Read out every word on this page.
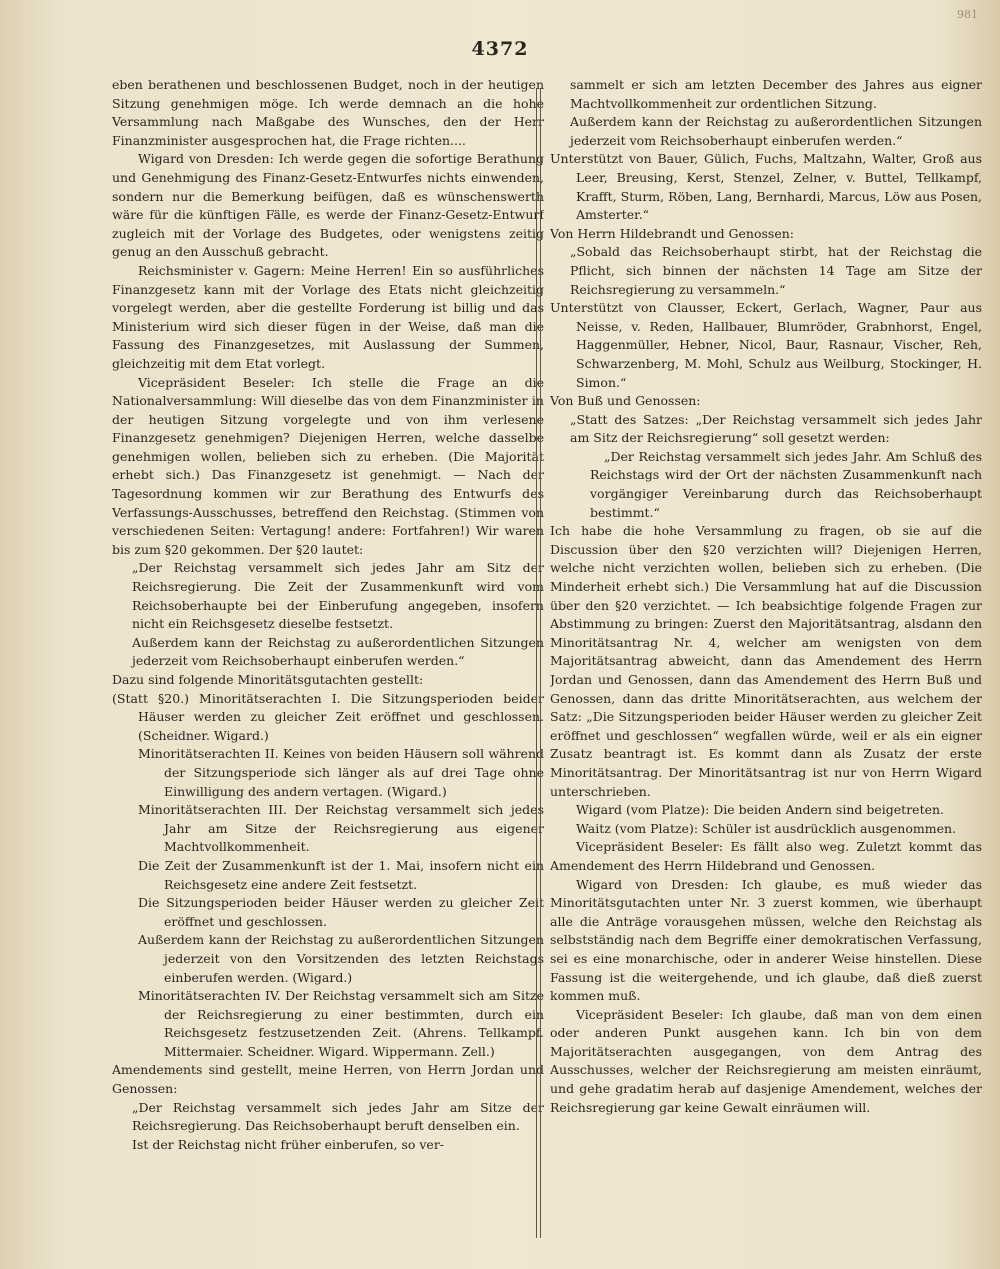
981
4372

eben berathenen und beschlossenen Budget, noch in der heutigen Sitzung genehmigen möge. Ich werde demnach an die hohe Versammlung nach Maßgabe des Wunsches, den der Herr Finanzminister ausgesprochen hat, die Frage richten....

Wigard von Dresden: Ich werde gegen die sofortige Berathung und Genehmigung des Finanz-Gesetz-Entwurfes nichts einwenden, sondern nur die Bemerkung beifügen, daß es wünschenswerth wäre für die künftigen Fälle, es werde der Finanz-Gesetz-Entwurf zugleich mit der Vorlage des Budgetes, oder wenigstens zeitig genug an den Ausschuß gebracht.

Reichsminister v. Gagern: Meine Herren! Ein so ausführliches Finanzgesetz kann mit der Vorlage des Etats nicht gleichzeitig vorgelegt werden, aber die gestellte Forderung ist billig und das Ministerium wird sich dieser fügen in der Weise, daß man die Fassung des Finanzgesetzes, mit Auslassung der Summen, gleichzeitig mit dem Etat vorlegt.

Vicepräsident Beseler: Ich stelle die Frage an die Nationalversammlung: Will dieselbe das von dem Finanzminister in der heutigen Sitzung vorgelegte und von ihm verlesene Finanzgesetz genehmigen? Diejenigen Herren, welche dasselbe genehmigen wollen, belieben sich zu erheben. (Die Majorität erhebt sich.) Das Finanzgesetz ist genehmigt. — Nach der Tagesordnung kommen wir zur Berathung des Entwurfs des Verfassungs-Ausschusses, betreffend den Reichstag. (Stimmen von verschiedenen Seiten: Vertagung! andere: Fortfahren!) Wir waren bis zum §20 gekommen. Der §20 lautet:

„Der Reichstag versammelt sich jedes Jahr am Sitz der Reichsregierung. Die Zeit der Zusammenkunft wird vom Reichsoberhaupte bei der Einberufung angegeben, insofern nicht ein Reichsgesetz dieselbe festsetzt.

Außerdem kann der Reichstag zu außerordentlichen Sitzungen jederzeit vom Reichsoberhaupt einberufen werden.“

Dazu sind folgende Minoritätsgutachten gestellt:

(Statt §20.) Minoritätserachten I. Die Sitzungsperioden beider Häuser werden zu gleicher Zeit eröffnet und geschlossen. (Scheidner. Wigard.)

Minoritätserachten II. Keines von beiden Häusern soll während der Sitzungsperiode sich länger als auf drei Tage ohne Einwilligung des andern vertagen. (Wigard.)

Minoritätserachten III. Der Reichstag versammelt sich jedes Jahr am Sitze der Reichsregierung aus eigener Machtvollkommenheit.

Die Zeit der Zusammenkunft ist der 1. Mai, insofern nicht ein Reichsgesetz eine andere Zeit festsetzt.

Die Sitzungsperioden beider Häuser werden zu gleicher Zeit eröffnet und geschlossen.

Außerdem kann der Reichstag zu außerordentlichen Sitzungen jederzeit von den Vorsitzenden des letzten Reichstags einberufen werden. (Wigard.)

Minoritätserachten IV. Der Reichstag versammelt sich am Sitze der Reichsregierung zu einer bestimmten, durch ein Reichsgesetz festzusetzenden Zeit. (Ahrens. Tellkampf. Mittermaier. Scheidner. Wigard. Wippermann. Zell.)

Amendements sind gestellt, meine Herren, von Herrn Jordan und Genossen:

„Der Reichstag versammelt sich jedes Jahr am Sitze der Reichsregierung. Das Reichsoberhaupt beruft denselben ein.

Ist der Reichstag nicht früher einberufen, so ver-

sammelt er sich am letzten December des Jahres aus eigner Machtvollkommenheit zur ordentlichen Sitzung.

Außerdem kann der Reichstag zu außerordentlichen Sitzungen jederzeit vom Reichsoberhaupt einberufen werden.“

Unterstützt von Bauer, Gülich, Fuchs, Maltzahn, Walter, Groß aus Leer, Breusing, Kerst, Stenzel, Zelner, v. Buttel, Tellkampf, Krafft, Sturm, Röben, Lang, Bernhardi, Marcus, Löw aus Posen, Amsterter.“

Von Herrn Hildebrandt und Genossen:

„Sobald das Reichsoberhaupt stirbt, hat der Reichstag die Pflicht, sich binnen der nächsten 14 Tage am Sitze der Reichsregierung zu versammeln.“

Unterstützt von Clausser, Eckert, Gerlach, Wagner, Paur aus Neisse, v. Reden, Hallbauer, Blumröder, Grabnhorst, Engel, Haggenmüller, Hebner, Nicol, Baur, Rasnaur, Vischer, Reh, Schwarzenberg, M. Mohl, Schulz aus Weilburg, Stockinger, H. Simon.“

Von Buß und Genossen:

„Statt des Satzes: „Der Reichstag versammelt sich jedes Jahr am Sitz der Reichsregierung“ soll gesetzt werden:

„Der Reichstag versammelt sich jedes Jahr. Am Schluß des Reichstags wird der Ort der nächsten Zusammenkunft nach vorgängiger Vereinbarung durch das Reichsoberhaupt bestimmt.“

Ich habe die hohe Versammlung zu fragen, ob sie auf die Discussion über den §20 verzichten will? Diejenigen Herren, welche nicht verzichten wollen, belieben sich zu erheben. (Die Minderheit erhebt sich.) Die Versammlung hat auf die Discussion über den §20 verzichtet. — Ich beabsichtige folgende Fragen zur Abstimmung zu bringen: Zuerst den Majoritätsantrag, alsdann den Minoritätsantrag Nr. 4, welcher am wenigsten von dem Majoritätsantrag abweicht, dann das Amendement des Herrn Jordan und Genossen, dann das Amendement des Herrn Buß und Genossen, dann das dritte Minoritätserachten, aus welchem der Satz: „Die Sitzungsperioden beider Häuser werden zu gleicher Zeit eröffnet und geschlossen“ wegfallen würde, weil er als ein eigner Zusatz beantragt ist. Es kommt dann als Zusatz der erste Minoritätsantrag. Der Minoritätsantrag ist nur von Herrn Wigard unterschrieben.

Wigard (vom Platze): Die beiden Andern sind beigetreten.

Waitz (vom Platze): Schüler ist ausdrücklich ausgenommen.

Vicepräsident Beseler: Es fällt also weg. Zuletzt kommt das Amendement des Herrn Hildebrand und Genossen.

Wigard von Dresden: Ich glaube, es muß wieder das Minoritätsgutachten unter Nr. 3 zuerst kommen, wie überhaupt alle die Anträge vorausgehen müssen, welche den Reichstag als selbstständig nach dem Begriffe einer demokratischen Verfassung, sei es eine monarchische, oder in anderer Weise hinstellen. Diese Fassung ist die weitergehende, und ich glaube, daß dieß zuerst kommen muß.

Vicepräsident Beseler: Ich glaube, daß man von dem einen oder anderen Punkt ausgehen kann. Ich bin von dem Majoritätserachten ausgegangen, von dem Antrag des Ausschusses, welcher der Reichsregierung am meisten einräumt, und gehe gradatim herab auf dasjenige Amendement, welches der Reichsregierung gar keine Gewalt einräumen will.
